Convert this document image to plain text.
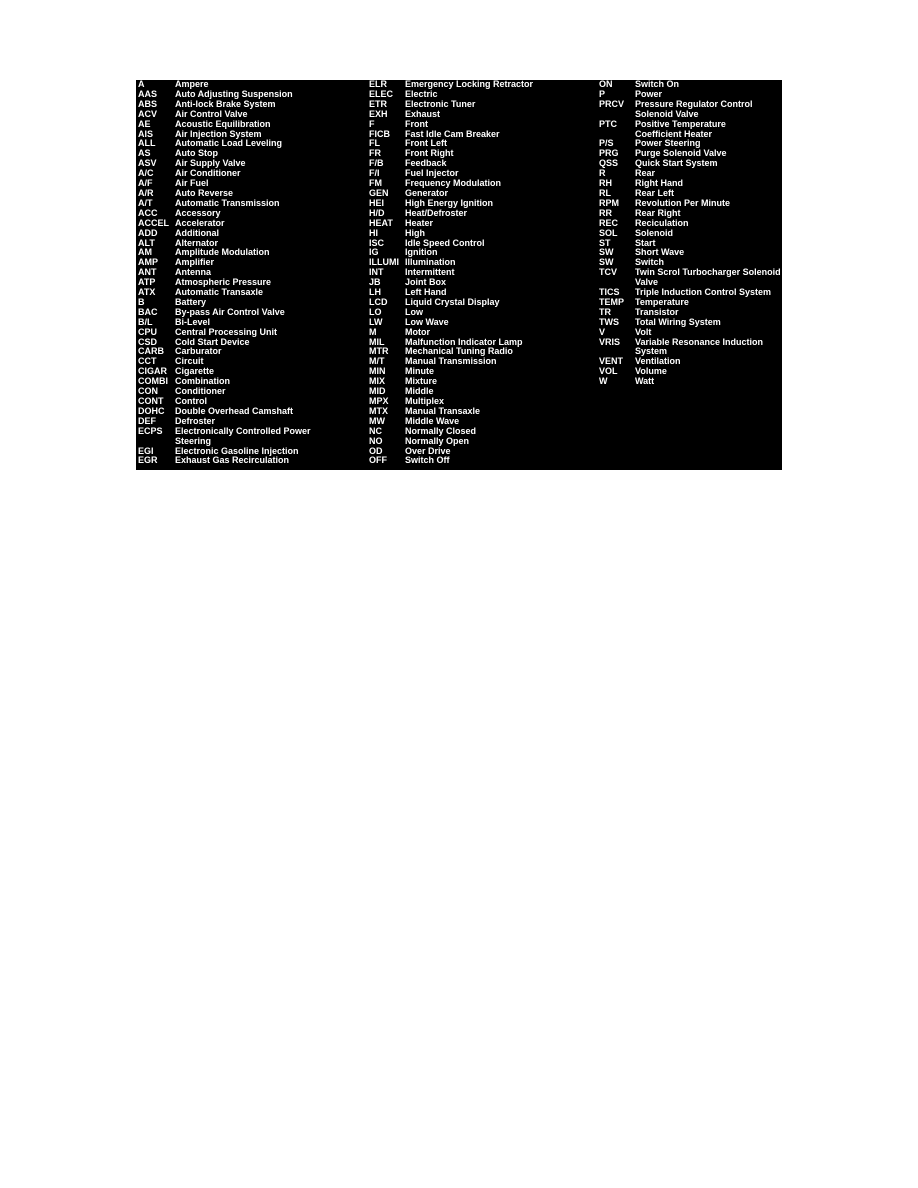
A	Ampere
AAS	Auto Adjusting Suspension
ABS	Anti-lock Brake System
ACV	Air Control Valve
AE	Acoustic Equilibration
AIS	Air Injection System
ALL	Automatic Load Leveling
AS	Auto Stop
ASV	Air Supply Valve
A/C	Air Conditioner
A/F	Air Fuel
A/R	Auto Reverse
A/T	Automatic Transmission
ACC	Accessory
ACCEL Accelerator
ADD	Additional
ALT	Alternator
AM	Amplitude Modulation
AMP	Amplifier
ANT	Antenna
ATP	Atmospheric Pressure
ATX	Automatic Transaxle
B	Battery
BAC	By-pass Air Control Valve
B/L	Bi-Level
CPU	Central Processing Unit
CSD	Cold Start Device
CARB	Carburator
CCT	Circuit
CIGAR Cigarette
COMBI Combination
CON	Conditioner
CONT	Control
DOHC	Double Overhead Camshaft
DEF	Defroster
ECPS	Electronically Controlled Power
Steering
EGI	Electronic Gasoline Injection
EGR	Exhaust Gas Recirculation
ELR	Emergency Locking Retractor
ELEC	Electric
ETR	Electronic Tuner
EXH	Exhaust
F	Front
FICB	Fast Idle Cam Breaker
FL	Front Left
FR	Front Right
F/B	Feedback
F/I	Fuel Injector
FM	Frequency Modulation
GEN	Generator
HEI	High Energy Ignition
H/D	Heat/Defroster
HEAT	Heater
HI	High
ISC	Idle Speed Control
IG	Ignition
ILLUMI Illumination
INT	Intermittent
JB	Joint Box
LH	Left Hand
LCD	Liquid Crystal Display
LO	Low
LW	Low Wave
M	Motor
MIL	Malfunction Indicator Lamp
MTR	Mechanical Tuning Radio
M/T	Manual Transmission
MIN	Minute
MIX	Mixture
MID	Middle
MPX	Multiplex
MTX	Manual Transaxle
MW	Middle Wave
NC	Normally Closed
NO	Normally Open
OD	Over Drive
OFF	Switch Off
ON	Switch On
P	Power
PRCV	Pressure Regulator Control
Solenoid Valve
PTC	Positive Temperature
Coefficient Heater
P/S	Power Steering
PRG	Purge Solenoid Valve
QSS	Quick Start System
R	Rear
RH	Right Hand
RL	Rear Left
RPM	Revolution Per Minute
RR	Rear Right
REC	Reciculation
SOL	Solenoid
ST	Start
SW	Short Wave
SW	Switch
TCV	Twin Scrol Turbocharger Solenoid
Valve
TICS	Triple Induction Control System
TEMP	Temperature
TR	Transistor
TWS	Total Wiring System
V	Volt
VRIS	Variable Resonance Induction
System
VENT	Ventilation
VOL	Volume
W	Watt
